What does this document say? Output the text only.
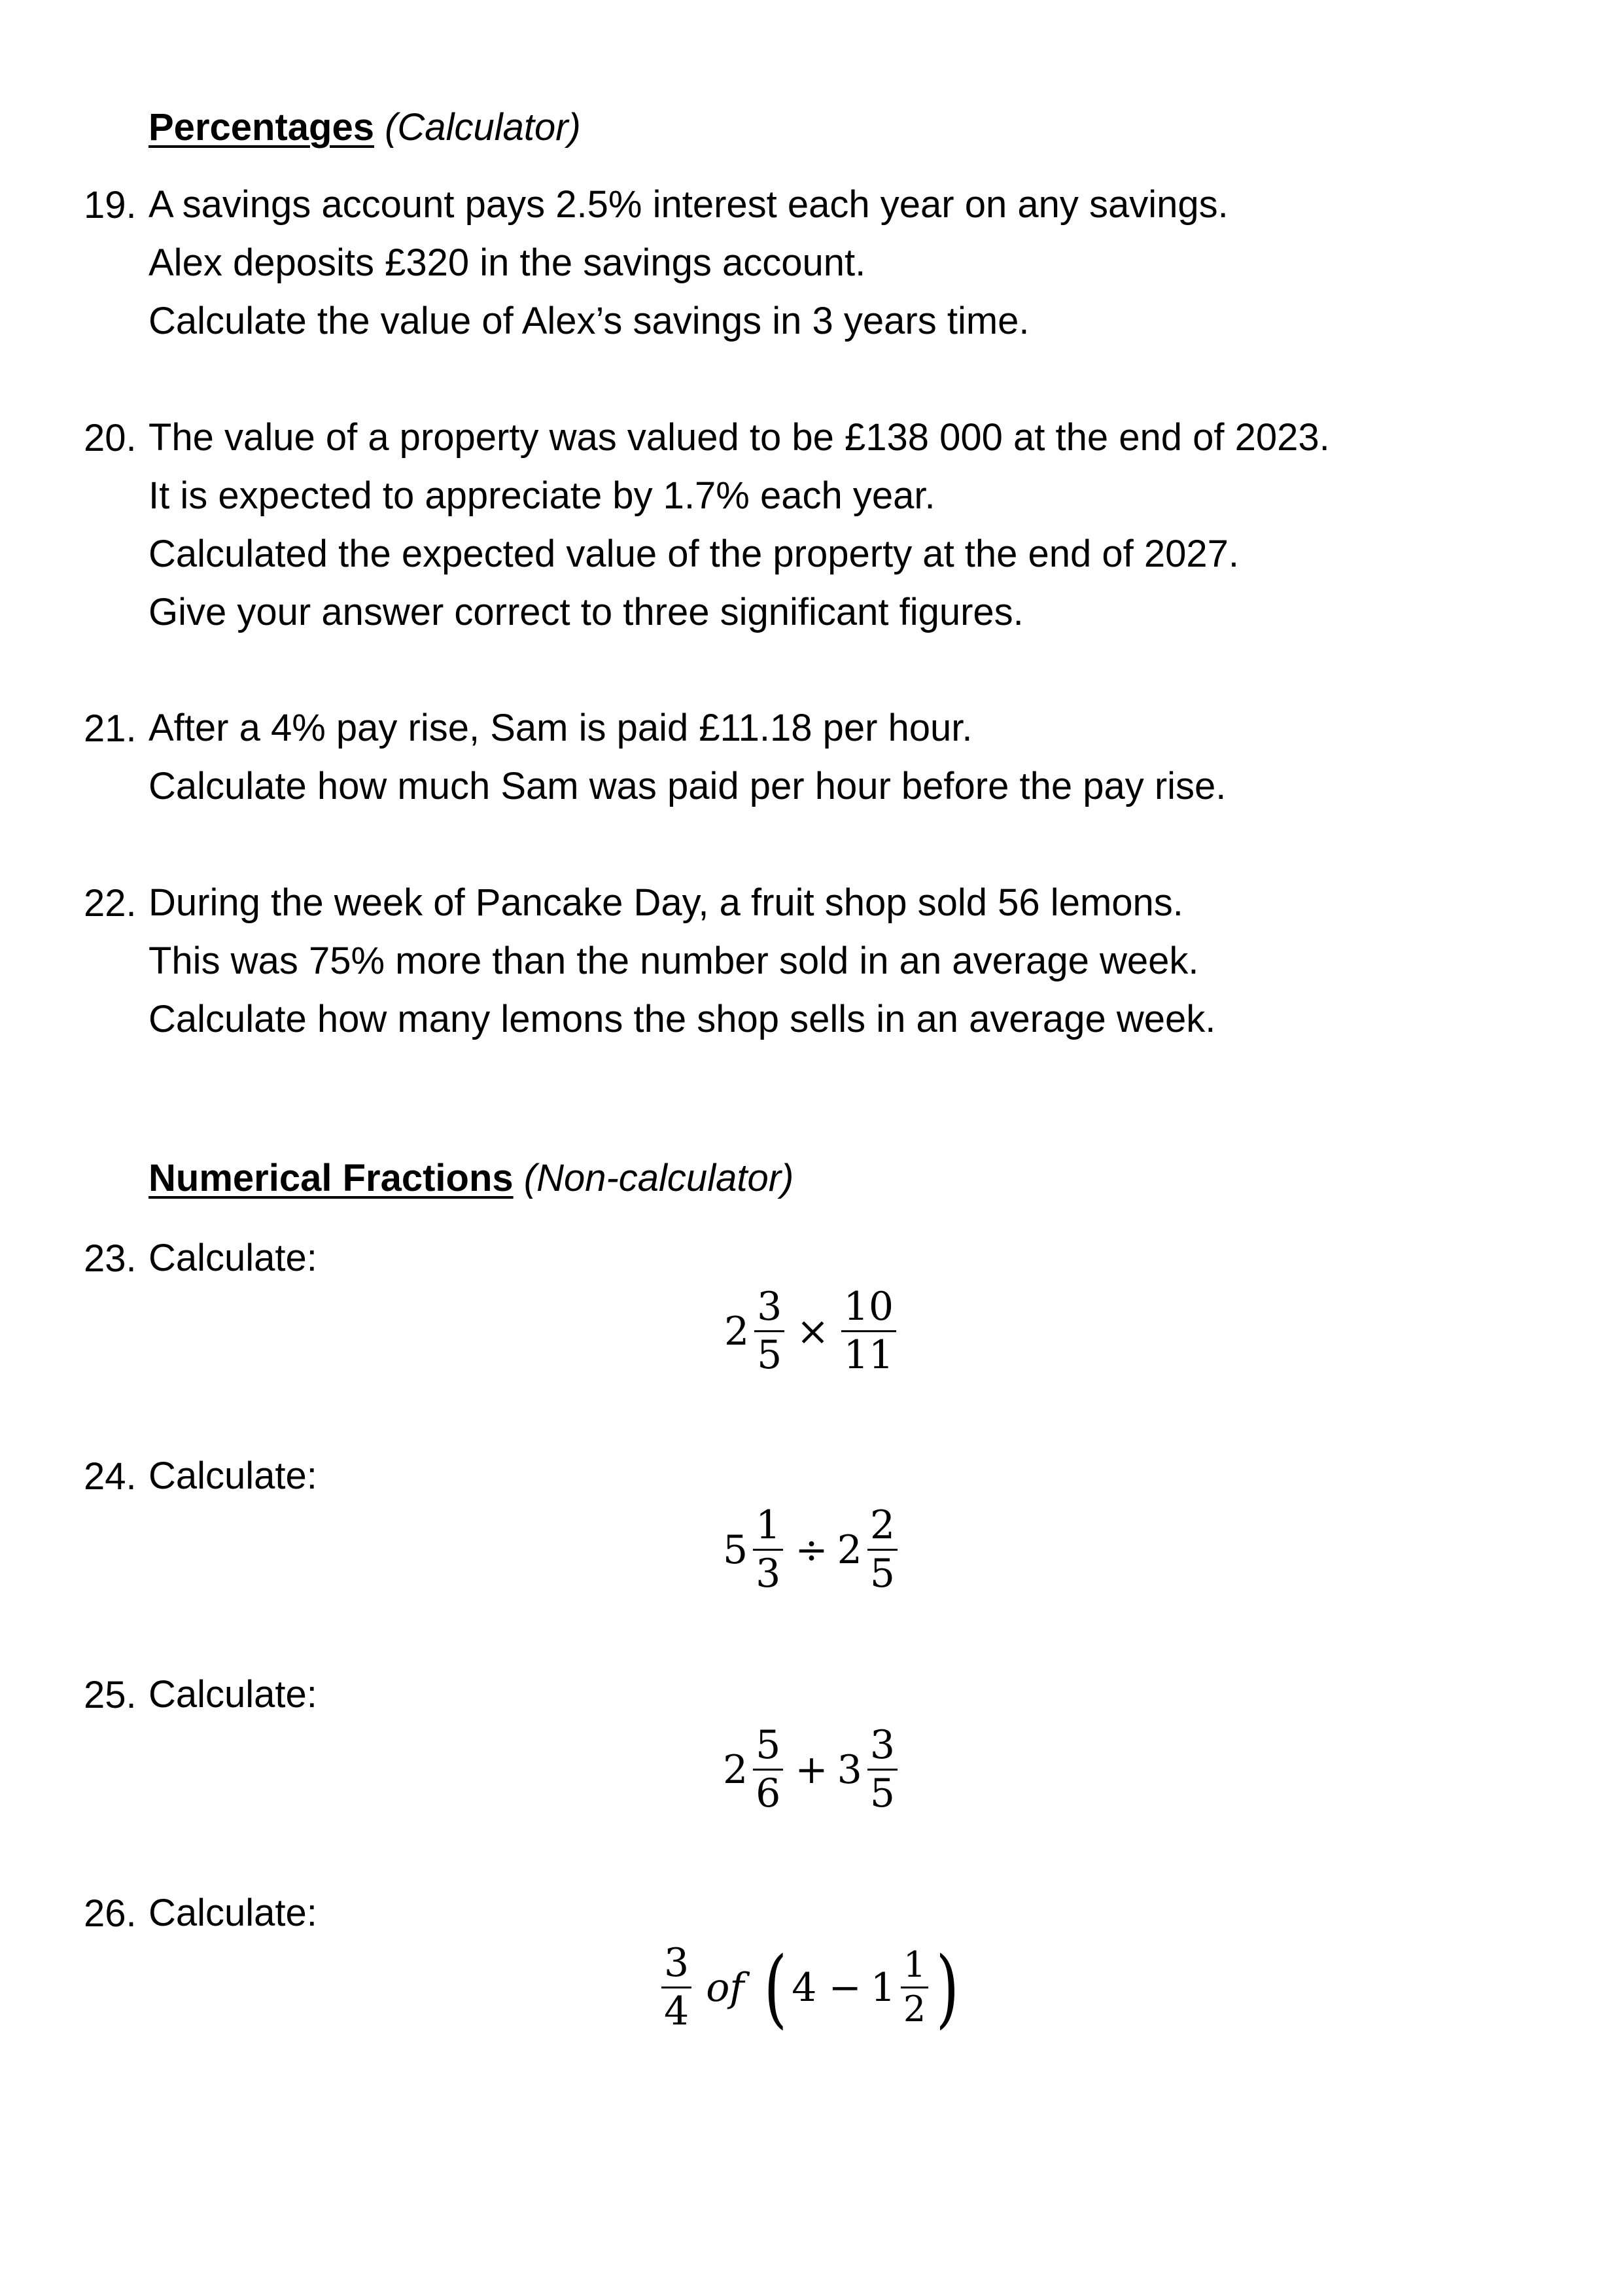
Percentages (Calculator)
19. A savings account pays 2.5% interest each year on any savings.
Alex deposits £320 in the savings account.
Calculate the value of Alex’s savings in 3 years time.
20. The value of a property was valued to be £138 000 at the end of 2023.
It is expected to appreciate by 1.7% each year.
Calculated the expected value of the property at the end of 2027.
Give your answer correct to three significant figures.
21. After a 4% pay rise, Sam is paid £11.18 per hour.
Calculate how much Sam was paid per hour before the pay rise.
22. During the week of Pancake Day, a fruit shop sold 56 lemons.
This was 75% more than the number sold in an average week.
Calculate how many lemons the shop sells in an average week.
Numerical Fractions (Non-calculator)
23. Calculate:
$2 \frac{3}{5} \times \frac{10}{11}$
24. Calculate:
$5 \frac{1}{3} \div 2 \frac{2}{5}$
25. Calculate:
$2 \frac{5}{6} + 3 \frac{3}{5}$
26. Calculate:
$\frac{3}{4}$ of ( $4 - 1 \frac{1}{2}$ )
